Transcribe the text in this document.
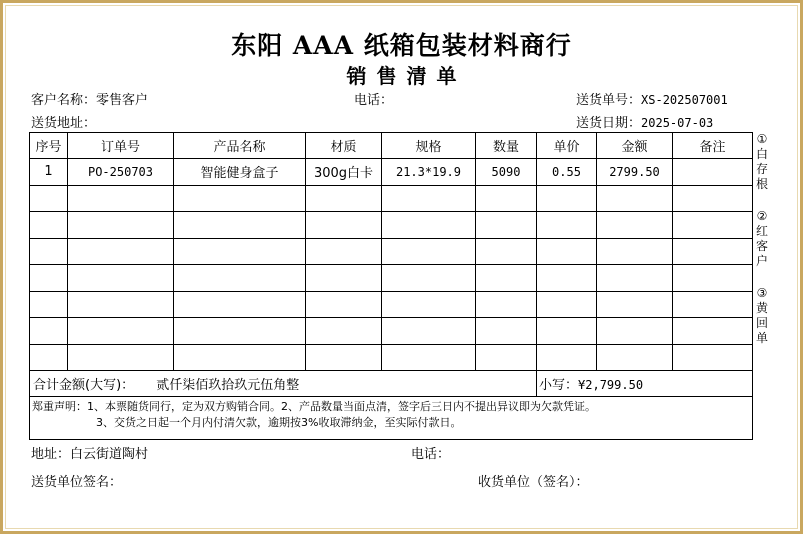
东阳 AAA 纸箱包装材料商行
销售清单
客户名称：零售客户	电话：	送货单号：XS-202507001
送货地址：	送货日期：2025-07-03
序号	订单号	产品名称	材质	规格	数量	单价	金额	备注
1	PO-250703	智能健身盒子	300g白卡	21.3*19.9	5090	0.55	2799.50	

合计金额(大写)： 贰仟柒佰玖拾玖元伍角整						小写：¥2,799.50		

郑重声明：1、本票随货同行，定为双方购销合同。2、产品数量当面点清，签字后三日内不提出异议即为欠款凭证。
3、交货之日起一个月内付清欠款，逾期按3%收取滞纳金，至实际付款日。								
①白存根
②红客户
③黄回单
地址：白云街道陶村	电话：
送货单位签名：	收货单位（签名）：
